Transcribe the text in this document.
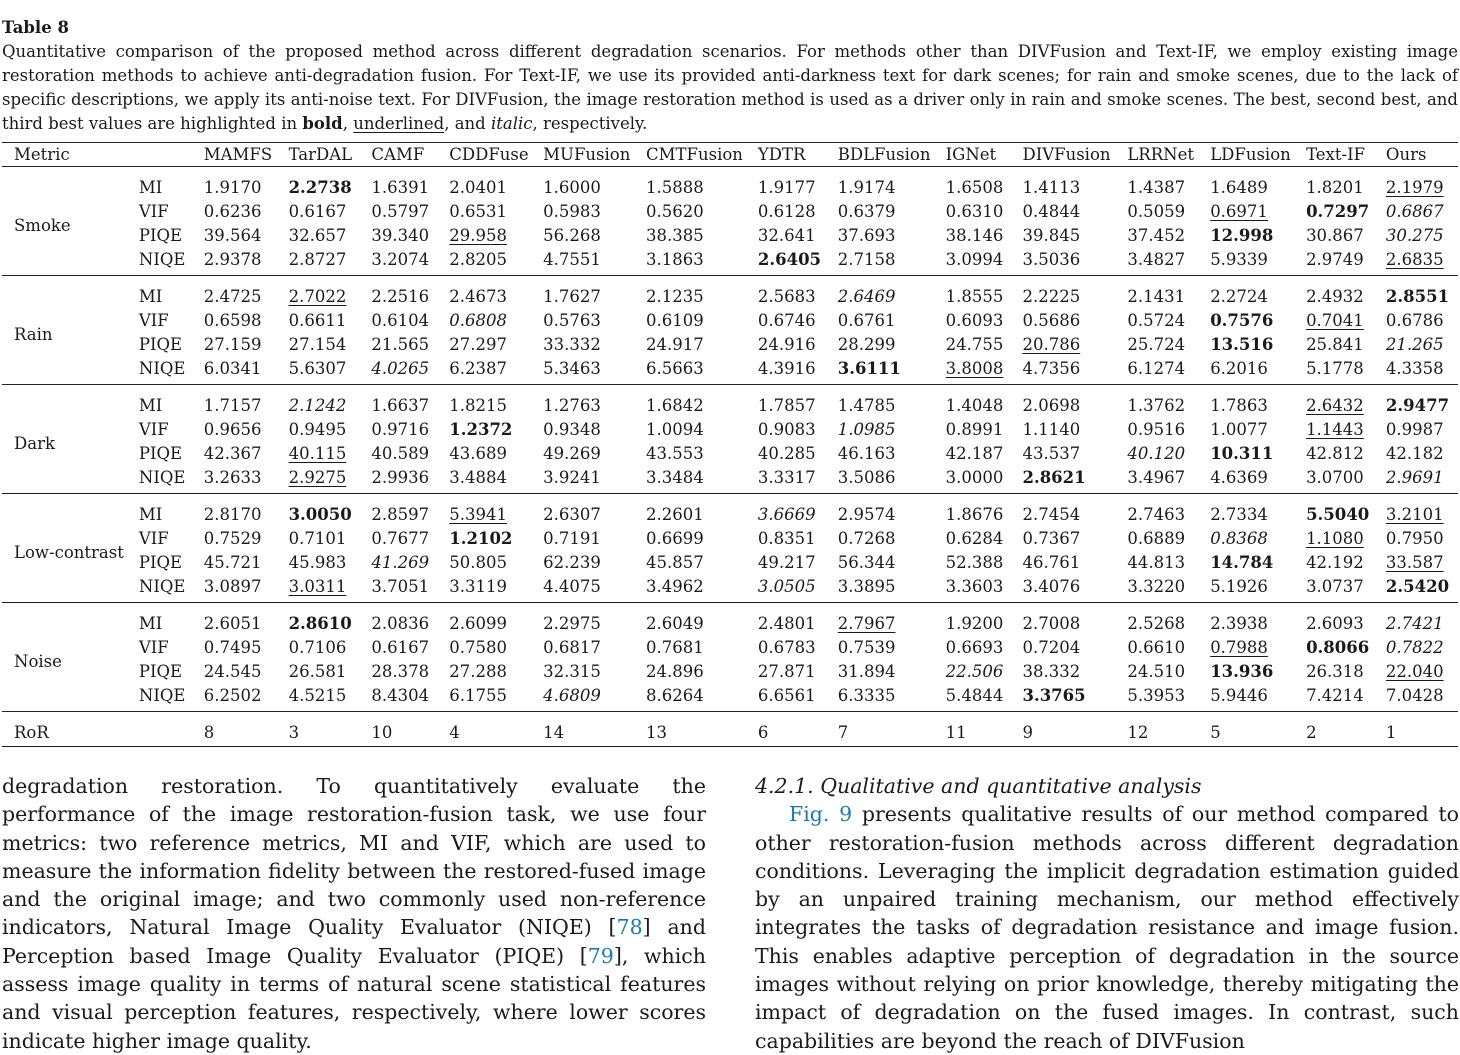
Table 8

Quantitative comparison of the proposed method across different degradation scenarios. For methods other than DIVFusion and Text-IF, we employ existing image restoration methods to achieve anti-degradation fusion. For Text-IF, we use its provided anti-darkness text for dark scenes; for rain and smoke scenes, due to the lack of specific descriptions, we apply its anti-noise text. For DIVFusion, the image restoration method is used as a driver only in rain and smoke scenes. The best, second best, and third best values are highlighted in bold, underlined, and italic, respectively.

Metric		MAMFS	TarDAL	CAMF	CDDFuse	MUFusion	CMTFusion	YDTR	BDLFusion	IGNet	DIVFusion	LRRNet	LDFusion	Text-IF	Ours
Smoke	MI	1.9170	2.2738	1.6391	2.0401	1.6000	1.5888	1.9177	1.9174	1.6508	1.4113	1.4387	1.6489	1.8201	2.1979
	VIF	0.6236	0.6167	0.5797	0.6531	0.5983	0.5620	0.6128	0.6379	0.6310	0.4844	0.5059	0.6971	0.7297	0.6867
	PIQE	39.564	32.657	39.340	29.958	56.268	38.385	32.641	37.693	38.146	39.845	37.452	12.998	30.867	30.275
	NIQE	2.9378	2.8727	3.2074	2.8205	4.7551	3.1863	2.6405	2.7158	3.0994	3.5036	3.4827	5.9339	2.9749	2.6835
Rain	MI	2.4725	2.7022	2.2516	2.4673	1.7627	2.1235	2.5683	2.6469	1.8555	2.2225	2.1431	2.2724	2.4932	2.8551
	VIF	0.6598	0.6611	0.6104	0.6808	0.5763	0.6109	0.6746	0.6761	0.6093	0.5686	0.5724	0.7576	0.7041	0.6786
	PIQE	27.159	27.154	21.565	27.297	33.332	24.917	24.916	28.299	24.755	20.786	25.724	13.516	25.841	21.265
	NIQE	6.0341	5.6307	4.0265	6.2387	5.3463	6.5663	4.3916	3.6111	3.8008	4.7356	6.1274	6.2016	5.1778	4.3358
Dark	MI	1.7157	2.1242	1.6637	1.8215	1.2763	1.6842	1.7857	1.4785	1.4048	2.0698	1.3762	1.7863	2.6432	2.9477
	VIF	0.9656	0.9495	0.9716	1.2372	0.9348	1.0094	0.9083	1.0985	0.8991	1.1140	0.9516	1.0077	1.1443	0.9987
	PIQE	42.367	40.115	40.589	43.689	49.269	43.553	40.285	46.163	42.187	43.537	40.120	10.311	42.812	42.182
	NIQE	3.2633	2.9275	2.9936	3.4884	3.9241	3.3484	3.3317	3.5086	3.0000	2.8621	3.4967	4.6369	3.0700	2.9691
Low-contrast	MI	2.8170	3.0050	2.8597	5.3941	2.6307	2.2601	3.6669	2.9574	1.8676	2.7454	2.7463	2.7334	5.5040	3.2101
	VIF	0.7529	0.7101	0.7677	1.2102	0.7191	0.6699	0.8351	0.7268	0.6284	0.7367	0.6889	0.8368	1.1080	0.7950
	PIQE	45.721	45.983	41.269	50.805	62.239	45.857	49.217	56.344	52.388	46.761	44.813	14.784	42.192	33.587
	NIQE	3.0897	3.0311	3.7051	3.3119	4.4075	3.4962	3.0505	3.3895	3.3603	3.4076	3.3220	5.1926	3.0737	2.5420
Noise	MI	2.6051	2.8610	2.0836	2.6099	2.2975	2.6049	2.4801	2.7967	1.9200	2.7008	2.5268	2.3938	2.6093	2.7421
	VIF	0.7495	0.7106	0.6167	0.7580	0.6817	0.7681	0.6783	0.7539	0.6693	0.7204	0.6610	0.7988	0.8066	0.7822
	PIQE	24.545	26.581	28.378	27.288	32.315	24.896	27.871	31.894	22.506	38.332	24.510	13.936	26.318	22.040
	NIQE	6.2502	4.5215	8.4304	6.1755	4.6809	8.6264	6.6561	6.3335	5.4844	3.3765	5.3953	5.9446	7.4214	7.0428
RoR		8	3	10	4	14	13	6	7	11	9	12	5	2	1

degradation restoration. To quantitatively evaluate the performance of the image restoration-fusion task, we use four metrics: two reference metrics, MI and VIF, which are used to measure the information fidelity between the restored-fused image and the original image; and two commonly used non-reference indicators, Natural Image Quality Evaluator (NIQE) [78] and Perception based Image Quality Evaluator (PIQE) [79], which assess image quality in terms of natural scene statistical features and visual perception features, respectively, where lower scores indicate higher image quality.

4.2.1. Qualitative and quantitative analysis

Fig. 9 presents qualitative results of our method compared to other restoration-fusion methods across different degradation conditions. Leveraging the implicit degradation estimation guided by an unpaired training mechanism, our method effectively integrates the tasks of degradation resistance and image fusion. This enables adaptive perception of degradation in the source images without relying on prior knowledge, thereby mitigating the impact of degradation on the fused images. In contrast, such capabilities are beyond the reach of DIVFusion
